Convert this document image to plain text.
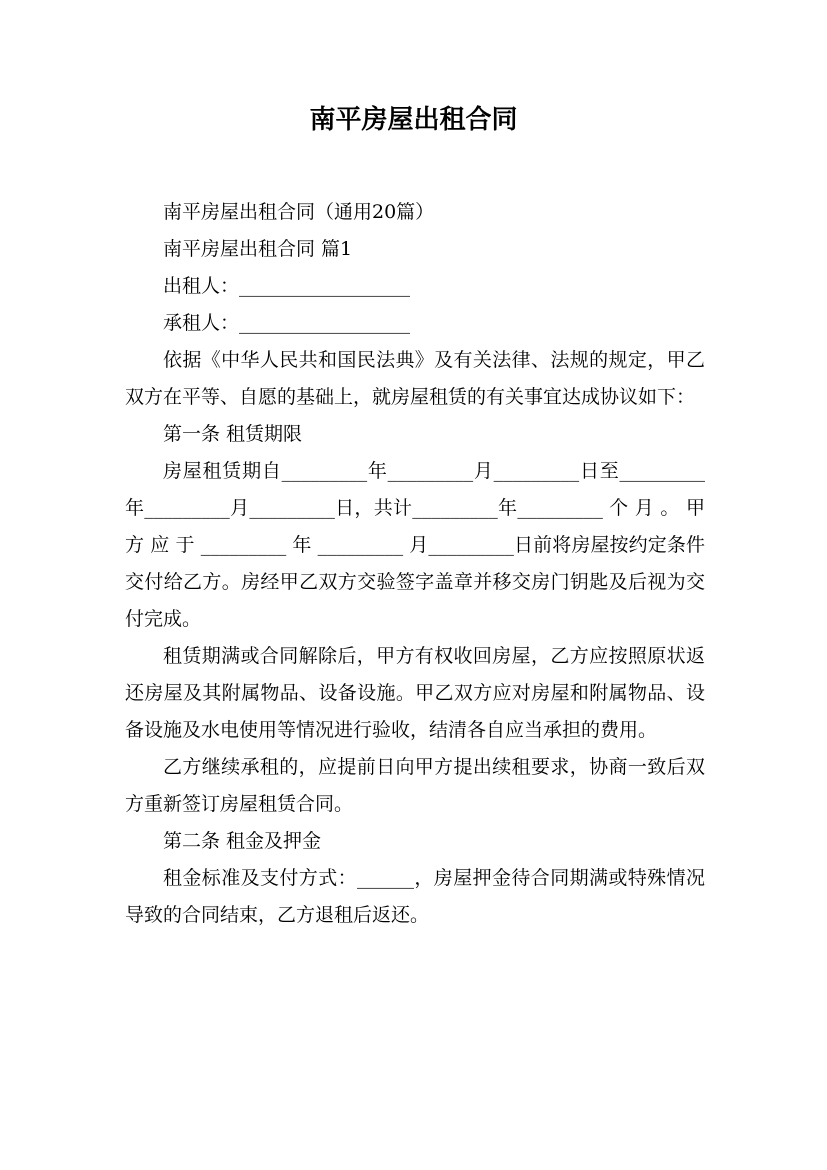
南平房屋出租合同

南平房屋出租合同（通用20篇）

南平房屋出租合同 篇1

出租人：__________________

承租人：__________________

依据《中华人民共和国民法典》及有关法律、法规的规定，甲乙双方在平等、自愿的基础上，就房屋租赁的有关事宜达成协议如下：

第一条 租赁期限

房屋租赁期自_________年_________月_________日至_________年_________月_________日，共计_________年_________ 个 月 。 甲 方 应 于 _________ 年 _________ 月_________日前将房屋按约定条件交付给乙方。房经甲乙双方交验签字盖章并移交房门钥匙及后视为交付完成。

租赁期满或合同解除后，甲方有权收回房屋，乙方应按照原状返还房屋及其附属物品、设备设施。甲乙双方应对房屋和附属物品、设备设施及水电使用等情况进行验收，结清各自应当承担的费用。

乙方继续承租的，应提前日向甲方提出续租要求，协商一致后双方重新签订房屋租赁合同。

第二条 租金及押金

租金标准及支付方式：______，房屋押金待合同期满或特殊情况导致的合同结束，乙方退租后返还。
